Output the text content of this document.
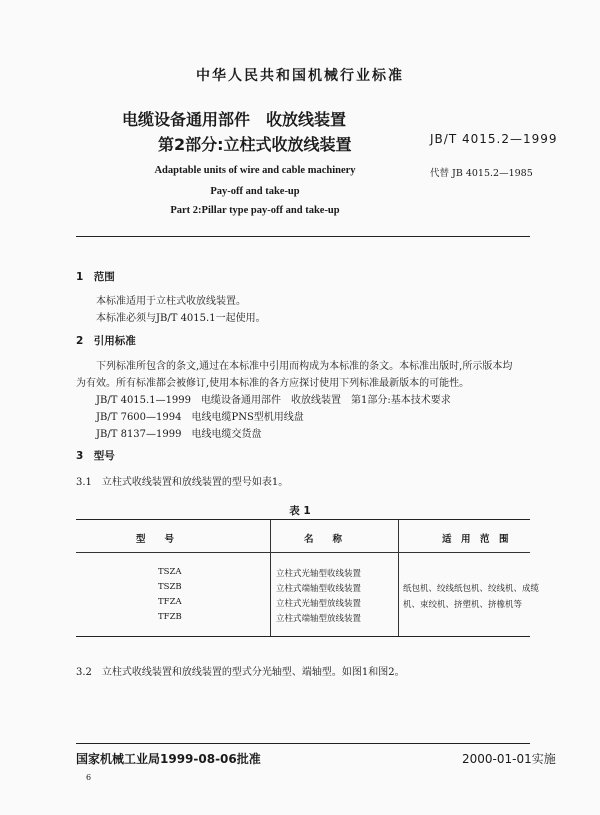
中华人民共和国机械行业标准
电缆设备通用部件　收放线装置
第2部分:立柱式收放线装置	JB/T 4015.2—1999
Adaptable units of wire and cable machinery
Pay-off and take-up
Part 2:Pillar type pay-off and take-up
代替 JB 4015.2—1985
1　范围
本标准适用于立柱式收放线装置。
本标准必须与JB/T 4015.1一起使用。
2　引用标准
下列标准所包含的条文,通过在本标准中引用而构成为本标准的条文。本标准出版时,所示版本均
为有效。所有标准都会被修订,使用本标准的各方应探讨使用下列标准最新版本的可能性。
JB/T 4015.1—1999　电缆设备通用部件　收放线装置　第1部分:基本技术要求
JB/T 7600—1994　电线电缆PNS型机用线盘
JB/T 8137—1999　电线电缆交货盘
3　型号
3.1　立柱式收线装置和放线装置的型号如表1。
表 1
型　　号	名　　称	适　用　范　围
TSZA	立柱式光轴型收线装置
TSZB	立柱式端轴型收线装置
TFZA	立柱式光轴型放线装置
TFZB	立柱式端轴型放线装置
纸包机、绞线纸包机、绞线机、成缆
机、束绞机、挤塑机、挤橡机等
3.2　立柱式收线装置和放线装置的型式分光轴型、端轴型。如图1和图2。
国家机械工业局1999-08-06批准	2000-01-01实施
6
